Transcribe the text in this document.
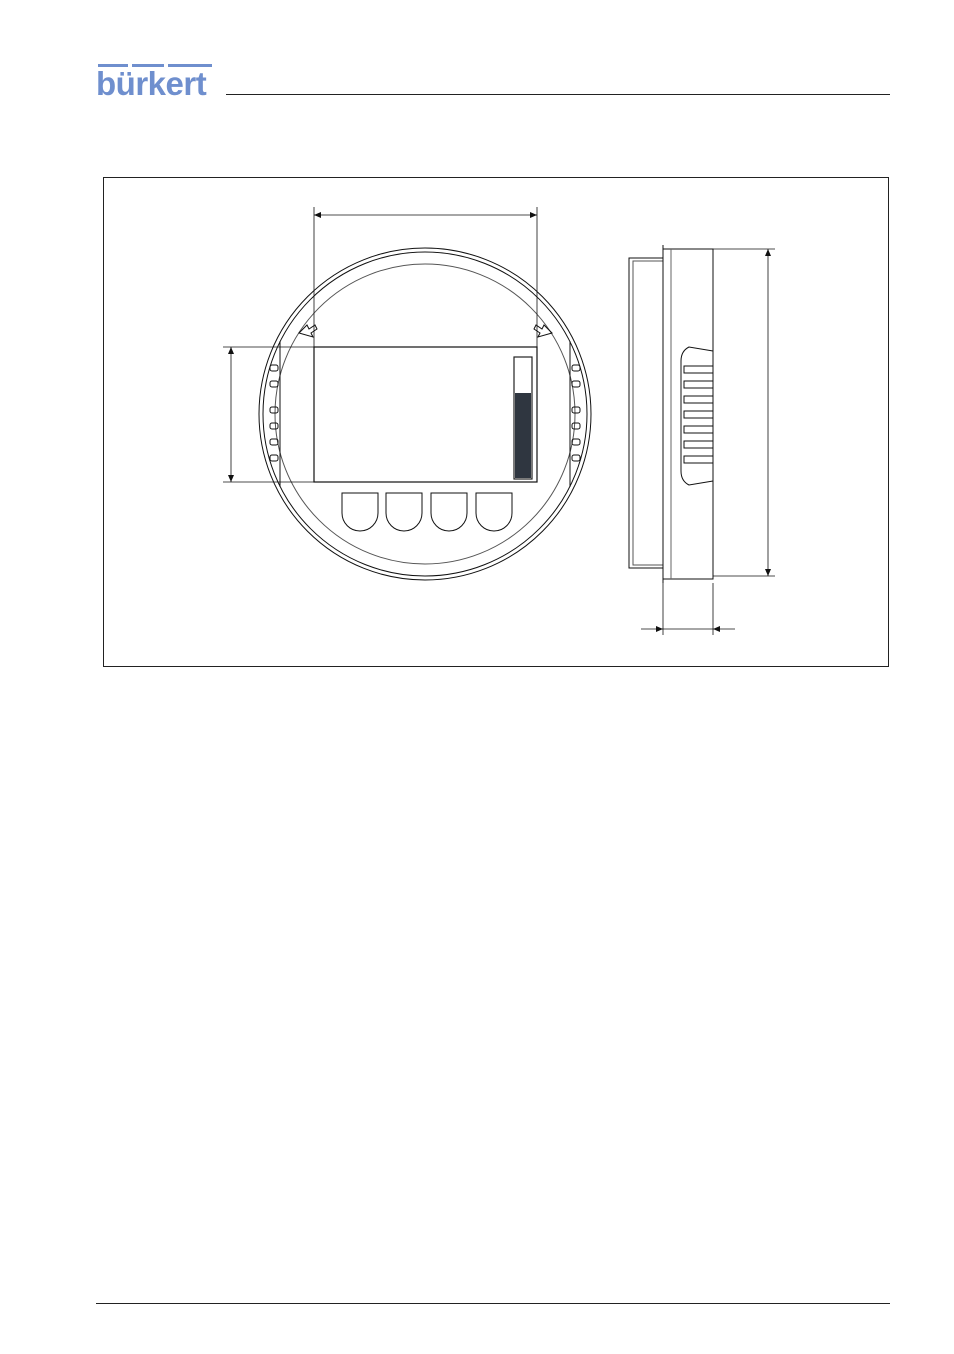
bürkert
